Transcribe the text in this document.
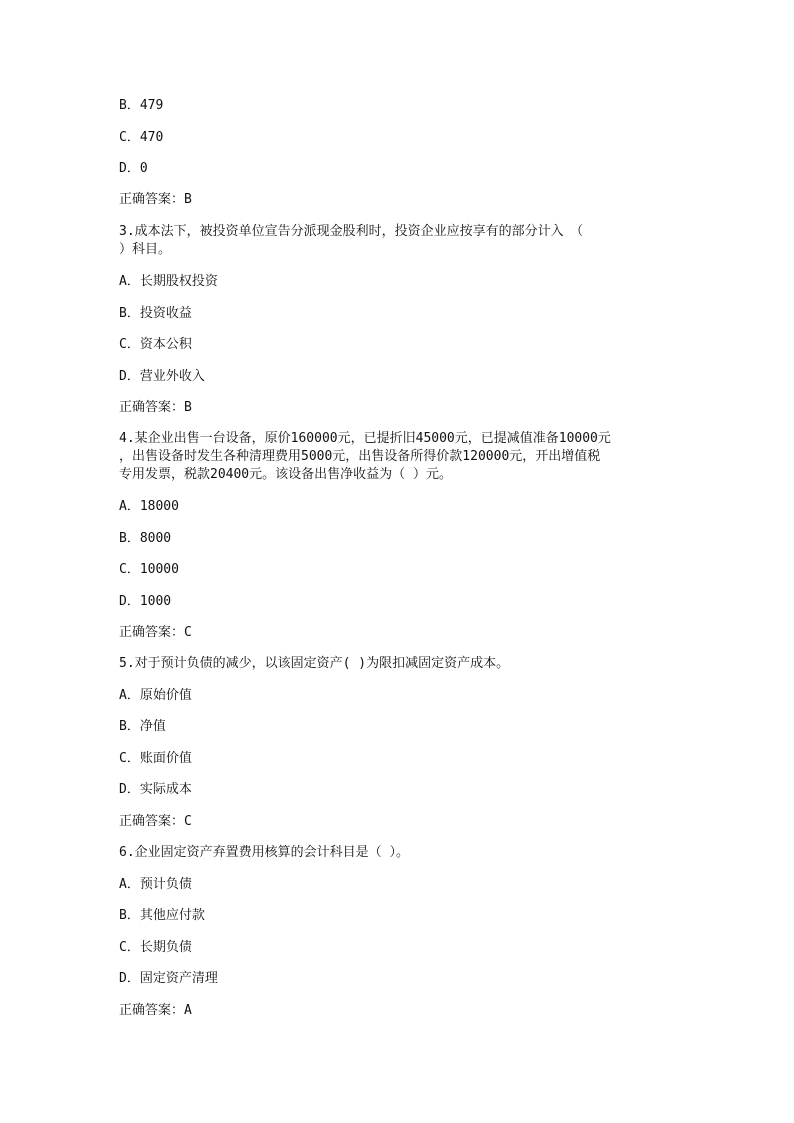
B．479
C．470
D．0
正确答案：B
3.成本法下，被投资单位宣告分派现金股利时，投资企业应按享有的部分计入　（
）科目。
A．长期股权投资
B．投资收益
C．资本公积
D．营业外收入
正确答案：B
4.某企业出售一台设备，原价160000元，已提折旧45000元，已提减值准备10000元
，出售设备时发生各种清理费用5000元，出售设备所得价款120000元，开出增值税
专用发票，税款20400元。该设备出售净收益为（ ）元。
A．18000
B．8000
C．10000
D．1000
正确答案：C
5.对于预计负债的减少，以该固定资产( )为限扣减固定资产成本。
A．原始价值
B．净值
C．账面价值
D．实际成本
正确答案：C
6.企业固定资产弃置费用核算的会计科目是（ ）。
A．预计负债
B．其他应付款
C．长期负债
D．固定资产清理
正确答案：A
